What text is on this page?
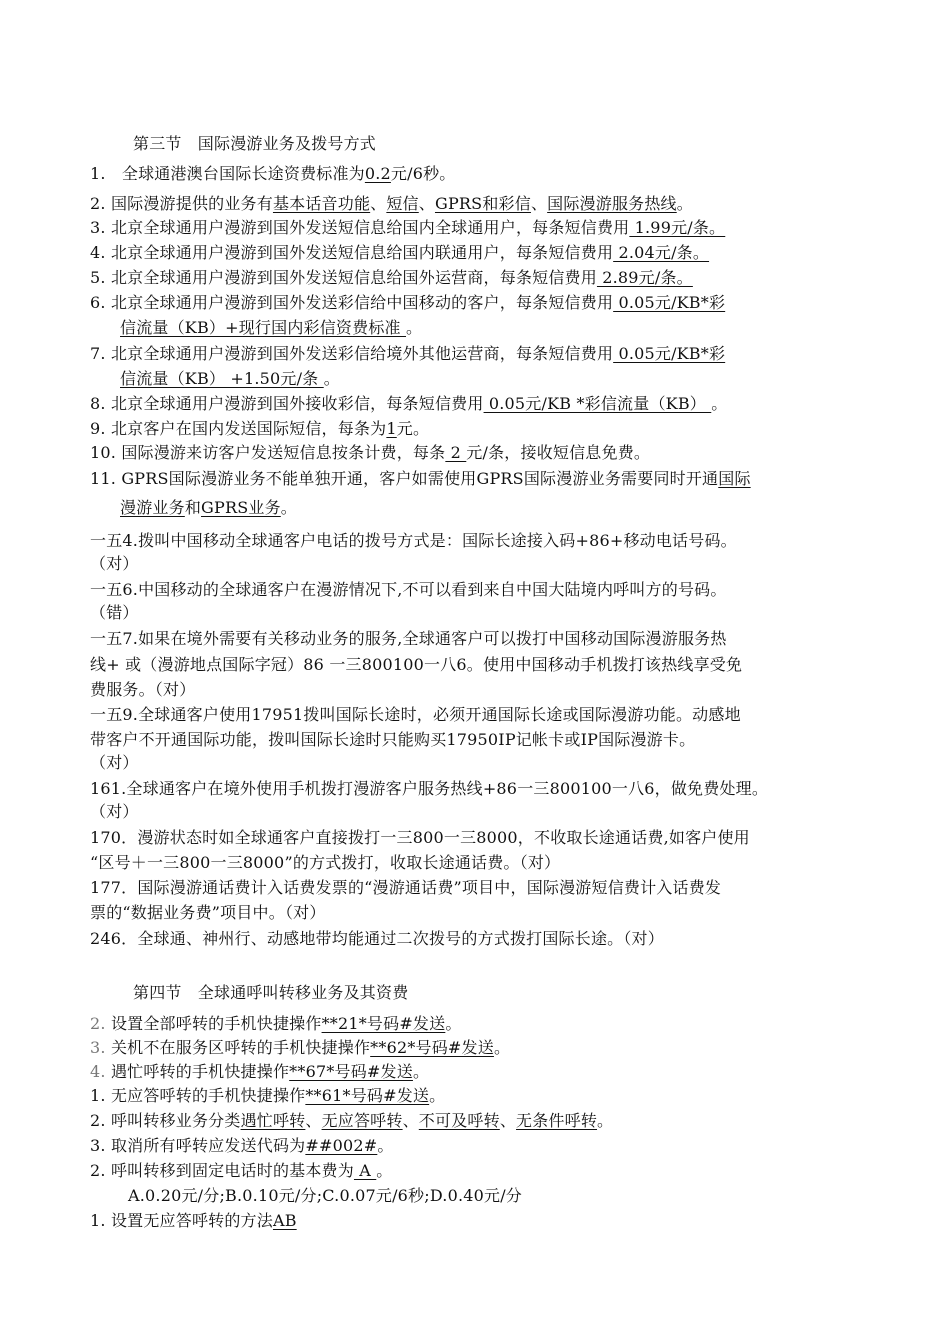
第三节　国际漫游业务及拨号方式
1.　全球通港澳台国际长途资费标准为0.2元/6秒。
2. 国际漫游提供的业务有基本话音功能、短信、GPRS和彩信、国际漫游服务热线。
3. 北京全球通用户漫游到国外发送短信息给国内全球通用户，每条短信费用 1.99元/条。
4. 北京全球通用户漫游到国外发送短信息给国内联通用户，每条短信费用 2.04元/条。
5. 北京全球通用户漫游到国外发送短信息给国外运营商，每条短信费用 2.89元/条。
6. 北京全球通用户漫游到国外发送彩信给中国移动的客户，每条短信费用 0.05元/KB*彩
信流量（KB）+现行国内彩信资费标准 。
7. 北京全球通用户漫游到国外发送彩信给境外其他运营商，每条短信费用 0.05元/KB*彩
信流量（KB） +1.50元/条 。
8. 北京全球通用户漫游到国外接收彩信，每条短信费用 0.05元/KB *彩信流量（KB） 。
9. 北京客户在国内发送国际短信，每条为1元。
10. 国际漫游来访客户发送短信息按条计费，每条 2 元/条，接收短信息免费。
11. GPRS国际漫游业务不能单独开通，客户如需使用GPRS国际漫游业务需要同时开通国际
漫游业务和GPRS业务。
一五4.拨叫中国移动全球通客户电话的拨号方式是：国际长途接入码+86+移动电话号码。
（对）
一五6.中国移动的全球通客户在漫游情况下,不可以看到来自中国大陆境内呼叫方的号码。
（错）
一五7.如果在境外需要有关移动业务的服务,全球通客户可以拨打中国移动国际漫游服务热
线+ 或（漫游地点国际字冠）86 一三800100一八6。使用中国移动手机拨打该热线享受免
费服务。（对）
一五9.全球通客户使用17951拨叫国际长途时，必须开通国际长途或国际漫游功能。动感地
带客户不开通国际功能，拨叫国际长途时只能购买17950IP记帐卡或IP国际漫游卡。
（对）
161.全球通客户在境外使用手机拨打漫游客户服务热线+86一三800100一八6，做免费处理。
（对）
170．漫游状态时如全球通客户直接拨打一三800一三8000，不收取长途通话费,如客户使用
“区号＋一三800一三8000”的方式拨打，收取长途通话费。（对）
177．国际漫游通话费计入话费发票的“漫游通话费”项目中，国际漫游短信费计入话费发
票的“数据业务费”项目中。（对）
246．全球通、神州行、动感地带均能通过二次拨号的方式拨打国际长途。（对）
第四节　全球通呼叫转移业务及其资费
2. 设置全部呼转的手机快捷操作**21*号码#发送。
3. 关机不在服务区呼转的手机快捷操作**62*号码#发送。
4. 遇忙呼转的手机快捷操作**67*号码#发送。
1. 无应答呼转的手机快捷操作**61*号码#发送。
2. 呼叫转移业务分类遇忙呼转、无应答呼转、不可及呼转、无条件呼转。
3. 取消所有呼转应发送代码为##002#。
2. 呼叫转移到固定电话时的基本费为 A 。
A.0.20元/分;B.0.10元/分;C.0.07元/6秒;D.0.40元/分
1. 设置无应答呼转的方法AB
